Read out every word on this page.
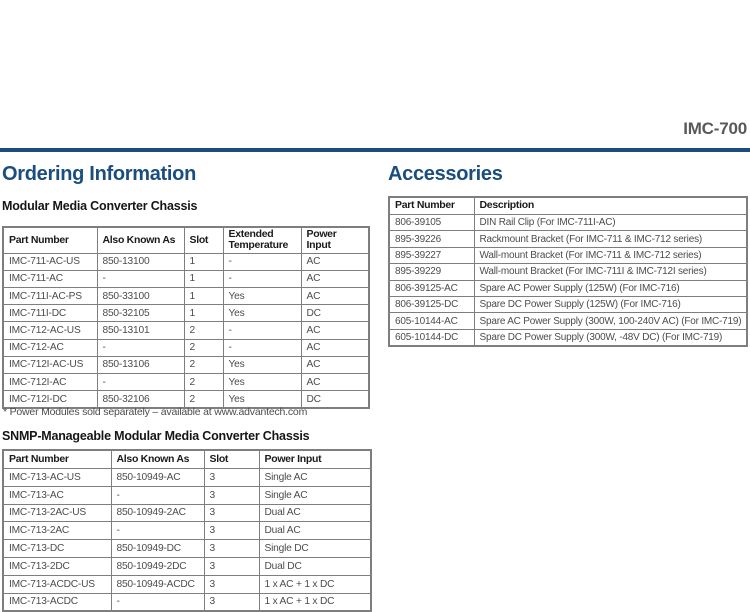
IMC-700
Ordering Information
Modular Media Converter Chassis
Part Number	Also Known As	Slot	Extended Temperature	Power Input
IMC-711-AC-US	850-13100	1	-	AC
IMC-711-AC	-	1	-	AC
IMC-711I-AC-PS	850-33100	1	Yes	AC
IMC-711I-DC	850-32105	1	Yes	DC
IMC-712-AC-US	850-13101	2	-	AC
IMC-712-AC	-	2	-	AC
IMC-712I-AC-US	850-13106	2	Yes	AC
IMC-712I-AC	-	2	Yes	AC
IMC-712I-DC	850-32106	2	Yes	DC

* Power Modules sold separately – available at www.advantech.com

SNMP-Manageable Modular Media Converter Chassis
Part Number	Also Known As	Slot	Power Input
IMC-713-AC-US	850-10949-AC	3	Single AC
IMC-713-AC	-	3	Single AC
IMC-713-2AC-US	850-10949-2AC	3	Dual AC
IMC-713-2AC	-	3	Dual AC
IMC-713-DC	850-10949-DC	3	Single DC
IMC-713-2DC	850-10949-2DC	3	Dual DC
IMC-713-ACDC-US	850-10949-ACDC	3	1 x AC + 1 x DC
IMC-713-ACDC	-	3	1 x AC + 1 x DC
Accessories
Part Number	Description
806-39105	DIN Rail Clip (For IMC-711I-AC)
895-39226	Rackmount Bracket (For IMC-711 & IMC-712 series)
895-39227	Wall-mount Bracket (For IMC-711 & IMC-712 series)
895-39229	Wall-mount Bracket (For IMC-711I & IMC-712I series)
806-39125-AC	Spare AC Power Supply (125W) (For IMC-716)
806-39125-DC	Spare DC Power Supply (125W) (For IMC-716)
605-10144-AC	Spare AC Power Supply (300W, 100-240V AC) (For IMC-719)
605-10144-DC	Spare DC Power Supply (300W, -48V DC) (For IMC-719)
